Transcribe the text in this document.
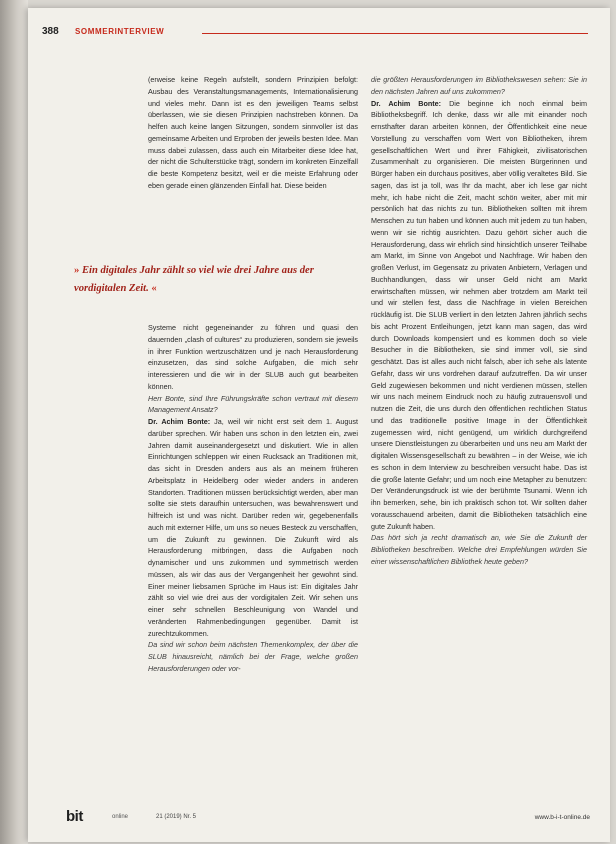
388 SOMMERINTERVIEW

(erweise keine Regeln aufstellt, sondern Prinzipien befolgt: Ausbau des Veranstaltungsmanagements, Internationalisierung und vieles mehr. Dann ist es den jeweiligen Teams selbst überlassen, wie sie diesen Prinzipien nachstreben können. Da helfen auch keine langen Sitzungen, sondern sinnvoller ist das gemeinsame Arbeiten und Erproben der jeweils besten Idee. Man muss dabei zulassen, dass auch ein Mitarbeiter diese Idee hat, der nicht die Schulterstücke trägt, sondern im konkreten Einzelfall die beste Kompetenz besitzt, weil er die meiste Erfahrung oder eben gerade einen glänzenden Einfall hat. Diese beiden

» Ein digitales Jahr zählt so viel wie drei Jahre aus der vordigitalen Zeit. «

Systeme nicht gegeneinander zu führen und quasi den dauernden „clash of cultures“ zu produzieren, sondern sie jeweils in ihrer Funktion wertzuschätzen und je nach Herausforderung einzusetzen, das sind solche Aufgaben, die mich sehr interessieren und die wir in der SLUB auch gut bearbeiten können.

Herr Bonte, sind Ihre Führungskräfte schon vertraut mit diesem Management Ansatz?

Dr. Achim Bonte: Ja, weil wir nicht erst seit dem 1. August darüber sprechen. Wir haben uns schon in den letzten ein, zwei Jahren damit auseinandergesetzt und diskutiert. Wie in allen Einrichtungen schleppen wir einen Rucksack an Traditionen mit, das sicht in Dresden anders aus als an meinem früheren Arbeitsplatz in Heidelberg oder wieder anders in anderen Standorten. Traditionen müssen berücksichtigt werden, aber man sollte sie stets daraufhin untersuchen, was bewahrenswert und hilfreich ist und was nicht. Darüber reden wir, gegebenenfalls auch mit externer Hilfe, um uns so neues Besteck zu verschaffen, um die Zukunft zu gewinnen. Die Zukunft wird als Herausforderung mitbringen, dass die Aufgaben noch dynamischer und uns zukommen und symmetrisch werden müssen, als wir das aus der Vergangenheit her gewohnt sind. Einer meiner liebsamen Sprüche im Haus ist: Ein digitales Jahr zählt so viel wie drei aus der vordigitalen Zeit. Wir sehen uns einer sehr schnellen Beschleunigung von Wandel und veränderten Rahmenbedingungen gegenüber. Damit ist zurechtzukommen.

Da sind wir schon beim nächsten Themenkomplex, der über die SLUB hinausreicht, nämlich bei der Frage, welche großen Herausforderungen oder vor-

die größten Herausforderungen im Bibliothekswesen sehen: Sie in den nächsten Jahren auf uns zukommen?

Dr. Achim Bonte: Die beginne ich noch einmal beim Bibliotheksbegriff. Ich denke, dass wir alle mit einander noch ernsthafter daran arbeiten können, der Öffentlichkeit eine neue Vorstellung zu verschaffen vom Wert von Bibliotheken, ihrem gesellschaftlichen Wert und ihrer Fähigkeit, zivilisatorischen Zusammenhalt zu organisieren. Die meisten Bürgerinnen und Bürger haben ein durchaus positives, aber völlig veraltetes Bild. Sie sagen, das ist ja toll, was Ihr da macht, aber ich lese gar nicht mehr, ich habe nicht die Zeit, macht schön weiter, aber mit mir persönlich hat das nichts zu tun. Bibliotheken sollten mit ihrem Menschen zu tun haben und können auch mit jedem zu tun haben, wenn wir sie richtig ausrichten. Dazu gehört sicher auch die Herausforderung, dass wir ehrlich sind hinsichtlich unserer Teilhabe am Markt, im Sinne von Angebot und Nachfrage. Wir haben den großen Verlust, im Gegensatz zu privaten Anbietern, Verlagen und Buchhandlungen, dass wir unser Geld nicht am Markt erwirtschaften müssen, wir nehmen aber trotzdem am Markt teil und wir stellen fest, dass die Nachfrage in vielen Bereichen rückläufig ist. Die SLUB verliert in den letzten Jahren jährlich sechs bis acht Prozent Entleihungen, jetzt kann man sagen, das wird durch Downloads kompensiert und es kommen doch so viele Besucher in die Bibliotheken, sie sind immer voll, sie sind geschätzt. Das ist alles auch nicht falsch, aber ich sehe als latente Gefahr, dass wir uns vordrehen darauf aufzutreffen. Da wir unser Geld zugewiesen bekommen und nicht verdienen müssen, stellen wir uns nach meinem Eindruck noch zu häufig zutrauensvoll und nutzen die Zeit, die uns durch den öffentlichen rechtlichen Status und das traditionelle positive Image in der Öffentlichkeit zugemessen wird, nicht genügend, um wirklich durchgreifend unsere Dienstleistungen zu überarbeiten und uns neu am Markt der digitalen Wissensgesellschaft zu bewähren – in der Weise, wie ich es schon in dem Interview zu beschreiben versucht habe. Das ist die große latente Gefahr; und um noch eine Metapher zu benutzen: Der Veränderungsdruck ist wie der berühmte Tsunami. Wenn ich ihn bemerken, sehe, bin ich praktisch schon tot. Wir sollten daher vorausschauend arbeiten, damit die Bibliotheken tatsächlich eine gute Zukunft haben.

Das hört sich ja recht dramatisch an, wie Sie die Zukunft der Bibliotheken beschreiben. Welche drei Empfehlungen würden Sie einer wissenschaftlichen Bibliothek heute geben?

bit	online	21 (2019) Nr. 5	www.b-i-t-online.de
